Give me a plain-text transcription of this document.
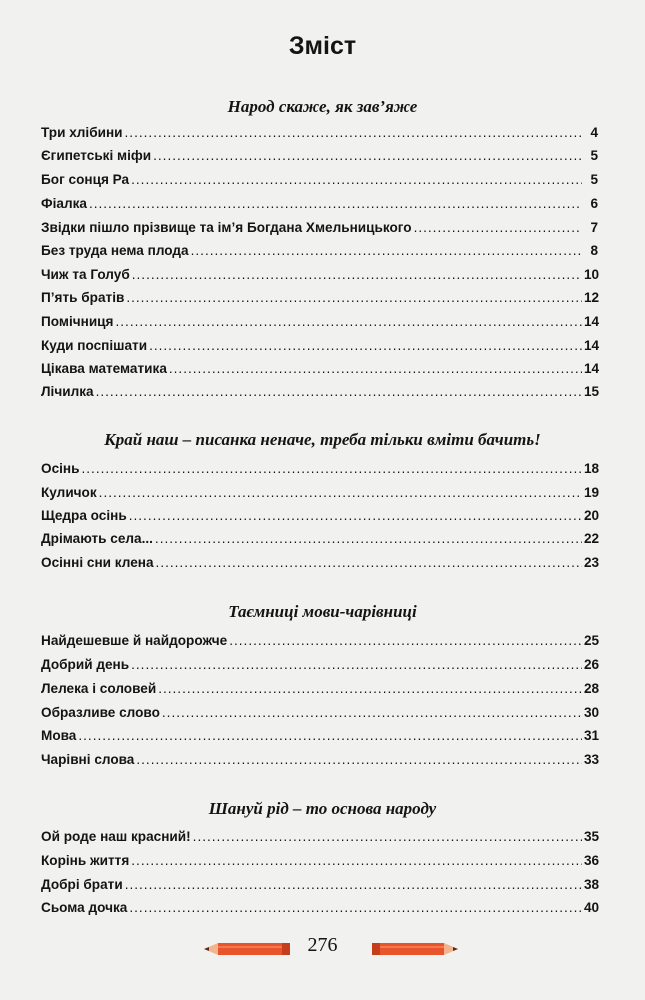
Зміст
Народ скаже, як зав’яже
Три хлібини .....	4
Єгипетські міфи .....	5
Бог сонця Ра .....	5
Фіалка .....	6
Звідки пішло прізвище та ім’я Богдана Хмельницького .....	7
Без труда нема плода .....	8
Чиж та Голуб .....	10
П’ять братів .....	12
Помічниця .....	14
Куди поспішати .....	14
Цікава математика .....	14
Лічилка .....	15
Край наш – писанка неначе, треба тільки вміти бачить!
Осінь .....	18
Куличок .....	19
Щедра осінь .....	20
Дрімають села... .....	22
Осінні сни клена .....	23
Таємниці мови-чарівниці
Найдешевше й найдорожче .....	25
Добрий день .....	26
Лелека і соловей .....	28
Образливе слово .....	30
Мова .....	31
Чарівні слова .....	33
Шануй рід – то основа народу
Ой роде наш красний! .....	35
Корінь життя .....	36
Добрі брати .....	38
Сьома дочка .....	40
276
